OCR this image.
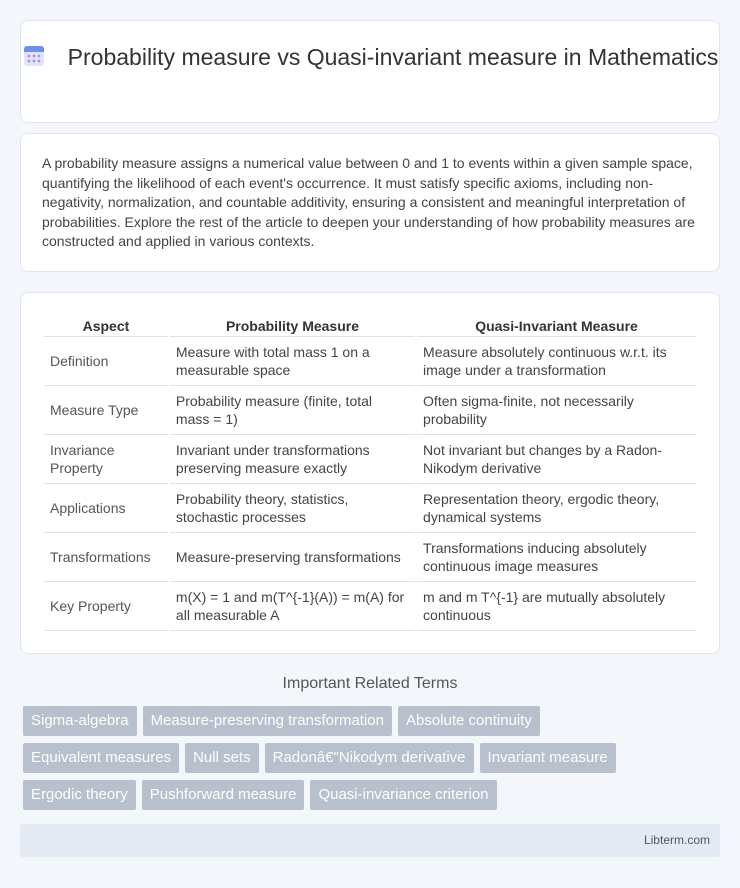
Probability measure vs Quasi-invariant measure in Mathematics

A probability measure assigns a numerical value between 0 and 1 to events within a given sample space, quantifying the likelihood of each event's occurrence. It must satisfy specific axioms, including non-negativity, normalization, and countable additivity, ensuring a consistent and meaningful interpretation of probabilities. Explore the rest of the article to deepen your understanding of how probability measures are constructed and applied in various contexts.

Aspect	Probability Measure	Quasi-Invariant Measure
Definition	Measure with total mass 1 on a measurable space	Measure absolutely continuous w.r.t. its image under a transformation
Measure Type	Probability measure (finite, total mass = 1)	Often sigma-finite, not necessarily probability
Invariance Property	Invariant under transformations preserving measure exactly	Not invariant but changes by a Radon-Nikodym derivative
Applications	Probability theory, statistics, stochastic processes	Representation theory, ergodic theory, dynamical systems
Transformations	Measure-preserving transformations	Transformations inducing absolutely continuous image measures
Key Property	m(X) = 1 and m(T^{-1}(A)) = m(A) for all measurable A	m and m T^{-1} are mutually absolutely continuous
Important Related Terms
Sigma-algebra	Measure-preserving transformation	Absolute continuity
Equivalent measures	Null sets	Radonâ€"Nikodym derivative	Invariant measure
Ergodic theory	Pushforward measure	Quasi-invariance criterion
Libterm.com
